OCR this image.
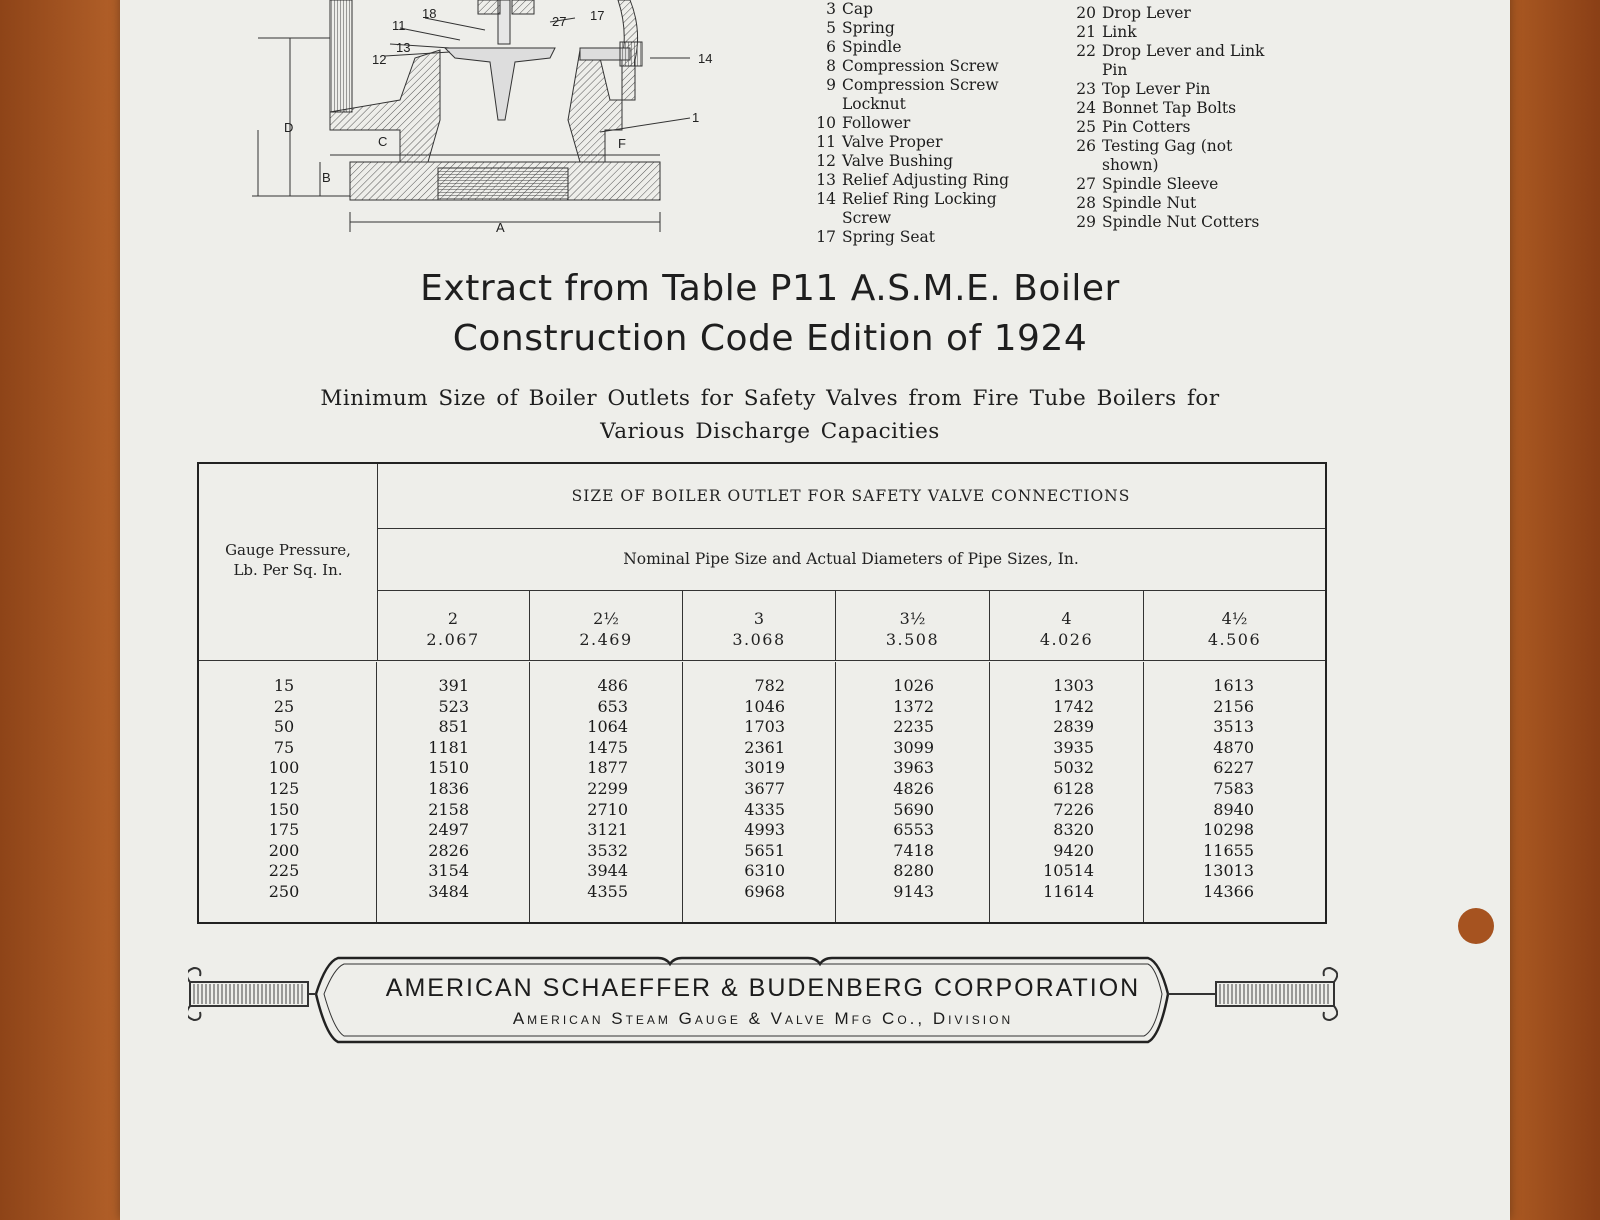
18
27 17
11
13
12	14
1
D
C	F
B
A
3 Cap
5 Spring
6 Spindle
8 Compression Screw
9 Compression Screw
Locknut
10 Follower
11 Valve Proper
12 Valve Bushing
13 Relief Adjusting Ring
14 Relief Ring Locking
Screw
17 Spring Seat
20 Drop Lever
21 Link
22 Drop Lever and Link
Pin
23 Top Lever Pin
24 Bonnet Tap Bolts
25 Pin Cotters
26 Testing Gag (not
shown)
27 Spindle Sleeve
28 Spindle Nut
29 Spindle Nut Cotters
Extract from Table P11 A.S.M.E. Boiler
Construction Code Edition of 1924
Minimum Size of Boiler Outlets for Safety Valves from Fire Tube Boilers for
Various Discharge Capacities
Gauge Pressure,
Lb. Per Sq. In.
SIZE OF BOILER OUTLET FOR SAFETY VALVE CONNECTIONS
Nominal Pipe Size and Actual Diameters of Pipe Sizes, In.
2
2.067
2½
2.469
3
3.068
3½
3.508
4
4.026
4½
4.506
15
25
50
75
100
125
150
175
200
225
250
391
523
851
1181
1510
1836
2158
2497
2826
3154
3484
486
653
1064
1475
1877
2299
2710
3121
3532
3944
4355
782
1046
1703
2361
3019
3677
4335
4993
5651
6310
6968
1026
1372
2235
3099
3963
4826
5690
6553
7418
8280
9143
1303
1742
2839
3935
5032
6128
7226
8320
9420
10514
11614
1613
2156
3513
4870
6227
7583
8940
10298
11655
13013
14366
AMERICAN SCHAEFFER & BUDENBERG CORPORATION
American Steam Gauge & Valve Mfg Co., Division
